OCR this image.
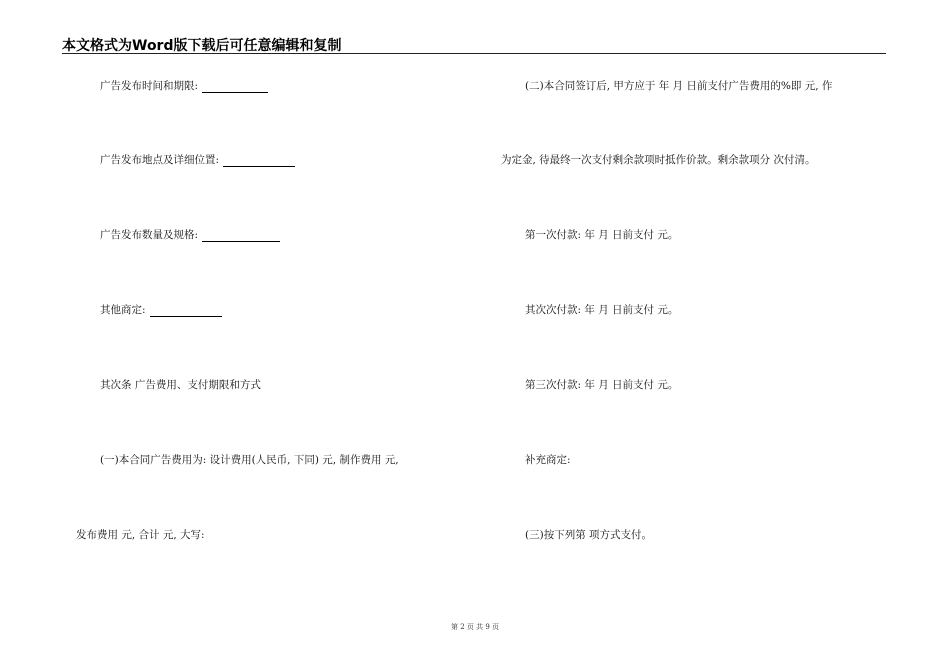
本文格式为Word版下载后可任意编辑和复制
广告发布时间和期限:
广告发布地点及详细位置:
广告发布数量及规格:
其他商定:
其次条 广告费用、支付期限和方式
(一)本合同广告费用为: 设计费用(人民币, 下同) 元, 制作费用 元,
发布费用 元, 合计 元, 大写:
(二)本合同签订后, 甲方应于 年 月 日前支付广告费用的%即 元, 作
为定金, 待最终一次支付剩余款项时抵作价款。剩余款项分 次付清。
第一次付款: 年 月 日前支付 元。
其次次付款: 年 月 日前支付 元。
第三次付款: 年 月 日前支付 元。
补充商定:
(三)按下列第 项方式支付。
第 2 页 共 9 页
